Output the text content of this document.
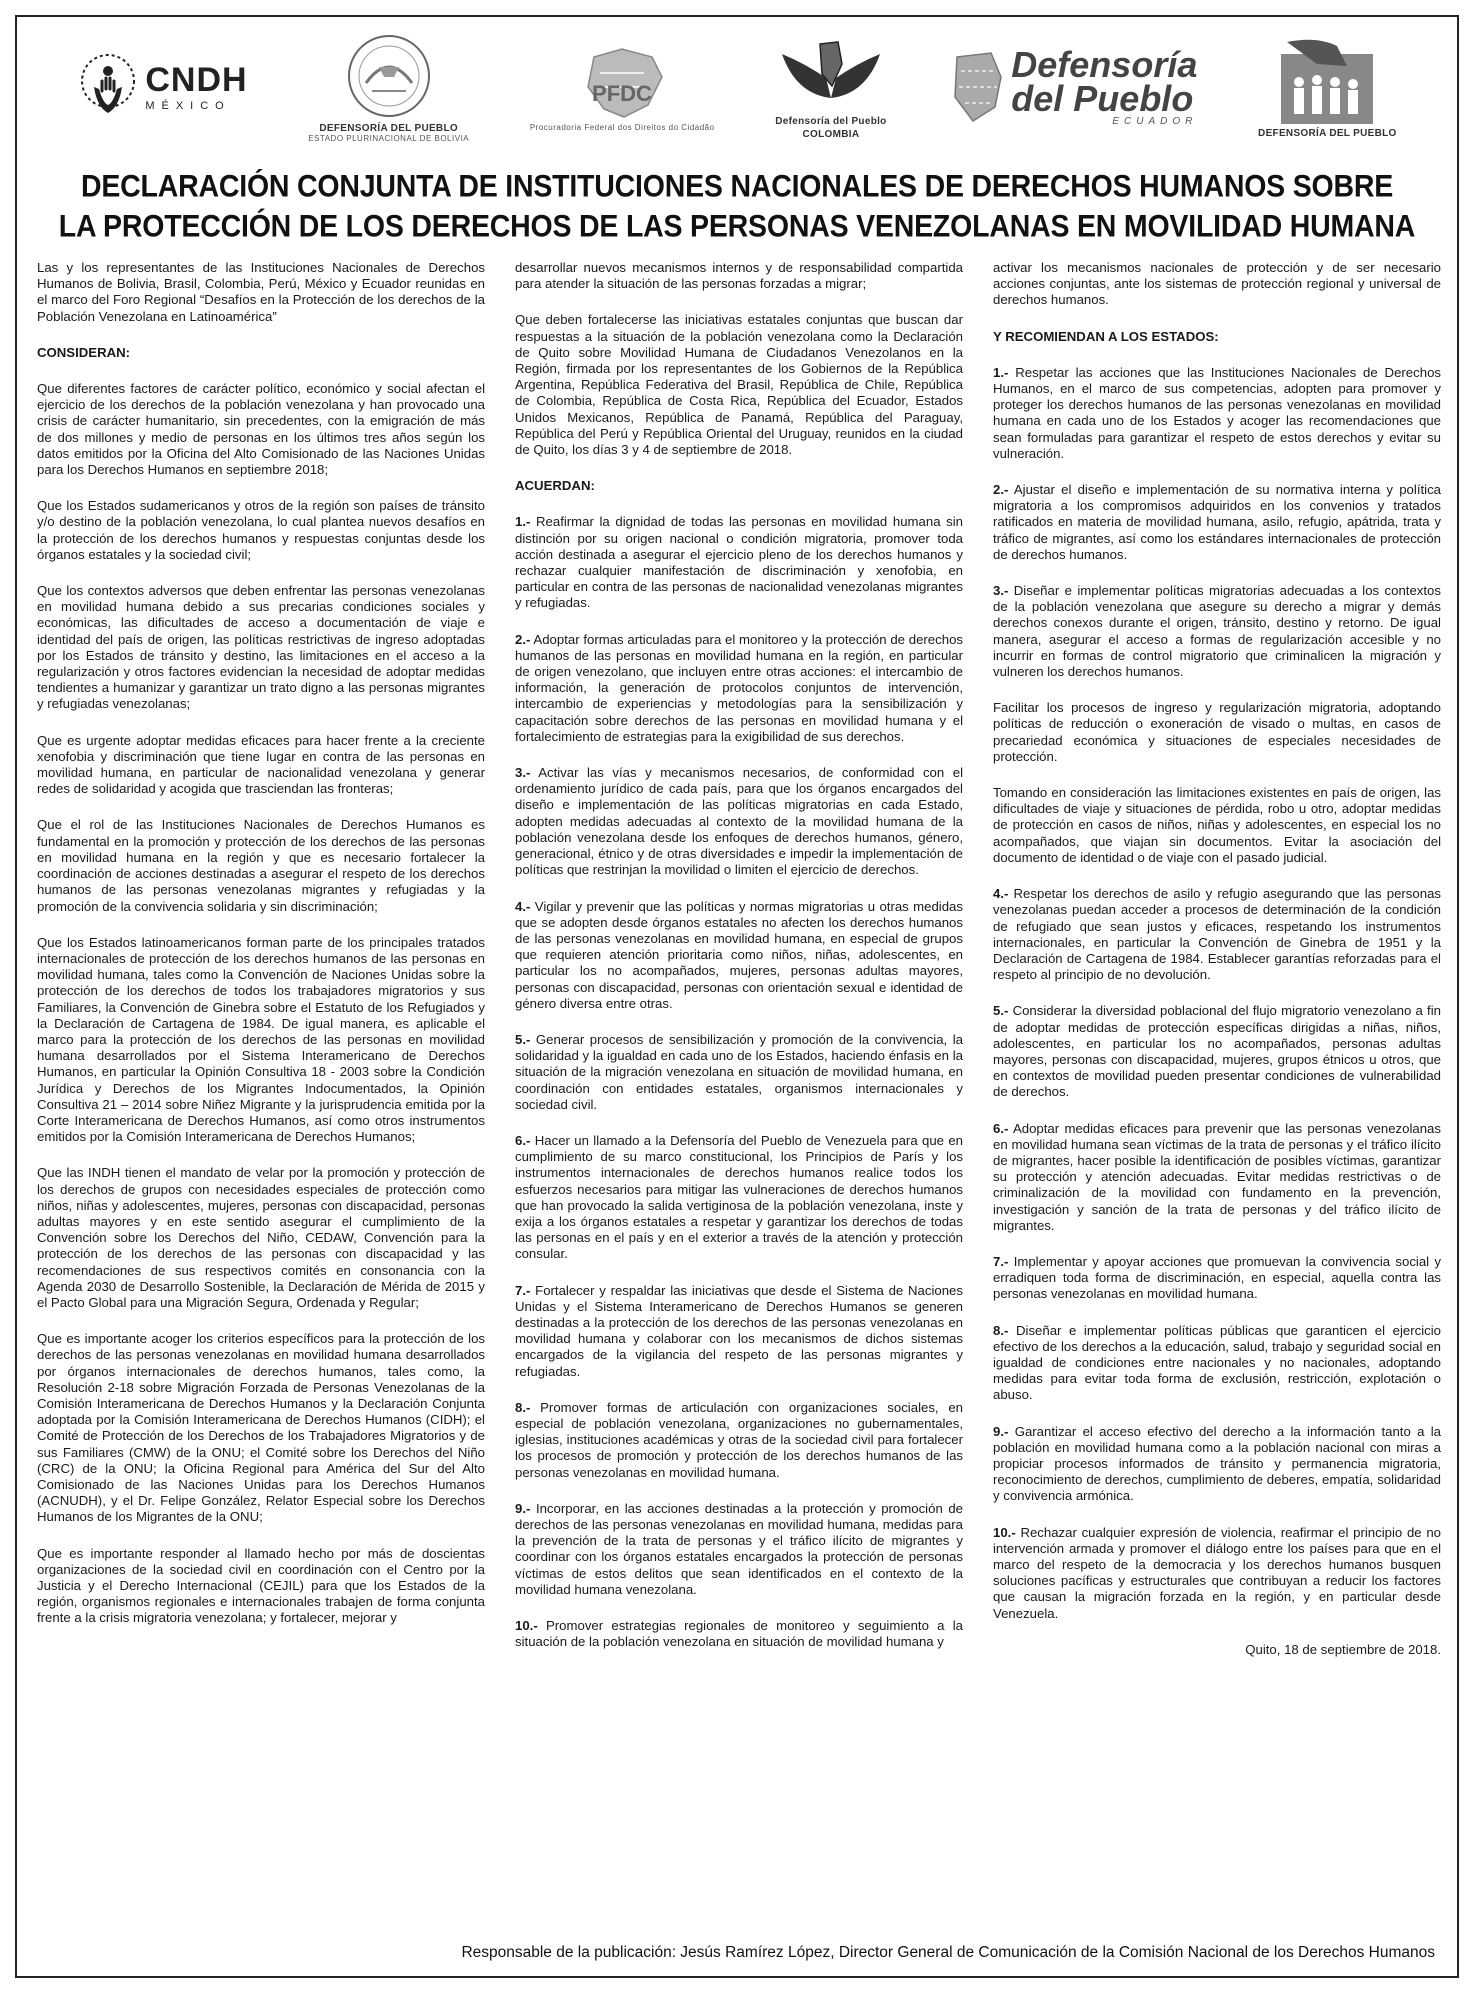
CNDH
MÉXICO
DEFENSORÍA DEL PUEBLO
ESTADO PLURINACIONAL DE BOLIVIA
PFDC
Procuradoria Federal dos Direitos do Cidadão	Defensoría del Pueblo
COLOMBIA
Defensoría
del Pueblo
ECUADOR
DEFENSORÍA DEL PUEBLO
DECLARACIÓN CONJUNTA DE INSTITUCIONES NACIONALES DE DERECHOS HUMANOS SOBRE
LA PROTECCIÓN DE LOS DERECHOS DE LAS PERSONAS VENEZOLANAS EN MOVILIDAD HUMANA

Las y los representantes de las Instituciones Nacionales de Derechos Humanos de Bolivia, Brasil, Colombia, Perú, México y Ecuador reunidas en el marco del Foro Regional “Desafíos en la Protección de los derechos de la Población Venezolana en Latinoamérica”

CONSIDERAN:

Que diferentes factores de carácter político, económico y social afectan el ejercicio de los derechos de la población venezolana y han provocado una crisis de carácter humanitario, sin precedentes, con la emigración de más de dos millones y medio de personas en los últimos tres años según los datos emitidos por la Oficina del Alto Comisionado de las Naciones Unidas para los Derechos Humanos en septiembre 2018;

Que los Estados sudamericanos y otros de la región son países de tránsito y/o destino de la población venezolana, lo cual plantea nuevos desafíos en la protección de los derechos humanos y respuestas conjuntas desde los órganos estatales y la sociedad civil;

Que los contextos adversos que deben enfrentar las personas venezolanas en movilidad humana debido a sus precarias condiciones sociales y económicas, las dificultades de acceso a documentación de viaje e identidad del país de origen, las políticas restrictivas de ingreso adoptadas por los Estados de tránsito y destino, las limitaciones en el acceso a la regularización y otros factores evidencian la necesidad de adoptar medidas tendientes a humanizar y garantizar un trato digno a las personas migrantes y refugiadas venezolanas;

Que es urgente adoptar medidas eficaces para hacer frente a la creciente xenofobia y discriminación que tiene lugar en contra de las personas en movilidad humana, en particular de nacionalidad venezolana y generar redes de solidaridad y acogida que trasciendan las fronteras;

Que el rol de las Instituciones Nacionales de Derechos Humanos es fundamental en la promoción y protección de los derechos de las personas en movilidad humana en la región y que es necesario fortalecer la coordinación de acciones destinadas a asegurar el respeto de los derechos humanos de las personas venezolanas migrantes y refugiadas y la promoción de la convivencia solidaria y sin discriminación;

Que los Estados latinoamericanos forman parte de los principales tratados internacionales de protección de los derechos humanos de las personas en movilidad humana, tales como la Convención de Naciones Unidas sobre la protección de los derechos de todos los trabajadores migratorios y sus Familiares, la Convención de Ginebra sobre el Estatuto de los Refugiados y la Declaración de Cartagena de 1984. De igual manera, es aplicable el marco para la protección de los derechos de las personas en movilidad humana desarrollados por el Sistema Interamericano de Derechos Humanos, en particular la Opinión Consultiva 18 - 2003 sobre la Condición Jurídica y Derechos de los Migrantes Indocumentados, la Opinión Consultiva 21 – 2014 sobre Niñez Migrante y la jurisprudencia emitida por la Corte Interamericana de Derechos Humanos, así como otros instrumentos emitidos por la Comisión Interamericana de Derechos Humanos;

Que las INDH tienen el mandato de velar por la promoción y protección de los derechos de grupos con necesidades especiales de protección como niños, niñas y adolescentes, mujeres, personas con discapacidad, personas adultas mayores y en este sentido asegurar el cumplimiento de la Convención sobre los Derechos del Niño, CEDAW, Convención para la protección de los derechos de las personas con discapacidad y las recomendaciones de sus respectivos comités en consonancia con la Agenda 2030 de Desarrollo Sostenible, la Declaración de Mérida de 2015 y el Pacto Global para una Migración Segura, Ordenada y Regular;

Que es importante acoger los criterios específicos para la protección de los derechos de las personas venezolanas en movilidad humana desarrollados por órganos internacionales de derechos humanos, tales como, la Resolución 2-18 sobre Migración Forzada de Personas Venezolanas de la Comisión Interamericana de Derechos Humanos y la Declaración Conjunta adoptada por la Comisión Interamericana de Derechos Humanos (CIDH); el Comité de Protección de los Derechos de los Trabajadores Migratorios y de sus Familiares (CMW) de la ONU; el Comité sobre los Derechos del Niño (CRC) de la ONU; la Oficina Regional para América del Sur del Alto Comisionado de las Naciones Unidas para los Derechos Humanos (ACNUDH), y el Dr. Felipe González, Relator Especial sobre los Derechos Humanos de los Migrantes de la ONU;

Que es importante responder al llamado hecho por más de doscientas organizaciones de la sociedad civil en coordinación con el Centro por la Justicia y el Derecho Internacional (CEJIL) para que los Estados de la región, organismos regionales e internacionales trabajen de forma conjunta frente a la crisis migratoria venezolana; y fortalecer, mejorar y

desarrollar nuevos mecanismos internos y de responsabilidad compartida para atender la situación de las personas forzadas a migrar;

Que deben fortalecerse las iniciativas estatales conjuntas que buscan dar respuestas a la situación de la población venezolana como la Declaración de Quito sobre Movilidad Humana de Ciudadanos Venezolanos en la Región, firmada por los representantes de los Gobiernos de la República Argentina, República Federativa del Brasil, República de Chile, República de Colombia, República de Costa Rica, República del Ecuador, Estados Unidos Mexicanos, República de Panamá, República del Paraguay, República del Perú y República Oriental del Uruguay, reunidos en la ciudad de Quito, los días 3 y 4 de septiembre de 2018.

ACUERDAN:

1.- Reafirmar la dignidad de todas las personas en movilidad humana sin distinción por su origen nacional o condición migratoria, promover toda acción destinada a asegurar el ejercicio pleno de los derechos humanos y rechazar cualquier manifestación de discriminación y xenofobia, en particular en contra de las personas de nacionalidad venezolanas migrantes y refugiadas.

2.- Adoptar formas articuladas para el monitoreo y la protección de derechos humanos de las personas en movilidad humana en la región, en particular de origen venezolano, que incluyen entre otras acciones: el intercambio de información, la generación de protocolos conjuntos de intervención, intercambio de experiencias y metodologías para la sensibilización y capacitación sobre derechos de las personas en movilidad humana y el fortalecimiento de estrategias para la exigibilidad de sus derechos.

3.- Activar las vías y mecanismos necesarios, de conformidad con el ordenamiento jurídico de cada país, para que los órganos encargados del diseño e implementación de las políticas migratorias en cada Estado, adopten medidas adecuadas al contexto de la movilidad humana de la población venezolana desde los enfoques de derechos humanos, género, generacional, étnico y de otras diversidades e impedir la implementación de políticas que restrinjan la movilidad o limiten el ejercicio de derechos.

4.- Vigilar y prevenir que las políticas y normas migratorias u otras medidas que se adopten desde órganos estatales no afecten los derechos humanos de las personas venezolanas en movilidad humana, en especial de grupos que requieren atención prioritaria como niños, niñas, adolescentes, en particular los no acompañados, mujeres, personas adultas mayores, personas con discapacidad, personas con orientación sexual e identidad de género diversa entre otras.

5.- Generar procesos de sensibilización y promoción de la convivencia, la solidaridad y la igualdad en cada uno de los Estados, haciendo énfasis en la situación de la migración venezolana en situación de movilidad humana, en coordinación con entidades estatales, organismos internacionales y sociedad civil.

6.- Hacer un llamado a la Defensoría del Pueblo de Venezuela para que en cumplimiento de su marco constitucional, los Principios de París y los instrumentos internacionales de derechos humanos realice todos los esfuerzos necesarios para mitigar las vulneraciones de derechos humanos que han provocado la salida vertiginosa de la población venezolana, inste y exija a los órganos estatales a respetar y garantizar los derechos de todas las personas en el país y en el exterior a través de la atención y protección consular.

7.- Fortalecer y respaldar las iniciativas que desde el Sistema de Naciones Unidas y el Sistema Interamericano de Derechos Humanos se generen destinadas a la protección de los derechos de las personas venezolanas en movilidad humana y colaborar con los mecanismos de dichos sistemas encargados de la vigilancia del respeto de las personas migrantes y refugiadas.

8.- Promover formas de articulación con organizaciones sociales, en especial de población venezolana, organizaciones no gubernamentales, iglesias, instituciones académicas y otras de la sociedad civil para fortalecer los procesos de promoción y protección de los derechos humanos de las personas venezolanas en movilidad humana.

9.- Incorporar, en las acciones destinadas a la protección y promoción de derechos de las personas venezolanas en movilidad humana, medidas para la prevención de la trata de personas y el tráfico ilícito de migrantes y coordinar con los órganos estatales encargados la protección de personas víctimas de estos delitos que sean identificados en el contexto de la movilidad humana venezolana.

10.- Promover estrategias regionales de monitoreo y seguimiento a la situación de la población venezolana en situación de movilidad humana y

activar los mecanismos nacionales de protección y de ser necesario acciones conjuntas, ante los sistemas de protección regional y universal de derechos humanos.

Y RECOMIENDAN A LOS ESTADOS:

1.- Respetar las acciones que las Instituciones Nacionales de Derechos Humanos, en el marco de sus competencias, adopten para promover y proteger los derechos humanos de las personas venezolanas en movilidad humana en cada uno de los Estados y acoger las recomendaciones que sean formuladas para garantizar el respeto de estos derechos y evitar su vulneración.

2.- Ajustar el diseño e implementación de su normativa interna y política migratoria a los compromisos adquiridos en los convenios y tratados ratificados en materia de movilidad humana, asilo, refugio, apátrida, trata y tráfico de migrantes, así como los estándares internacionales de protección de derechos humanos.

3.- Diseñar e implementar políticas migratorias adecuadas a los contextos de la población venezolana que asegure su derecho a migrar y demás derechos conexos durante el origen, tránsito, destino y retorno. De igual manera, asegurar el acceso a formas de regularización accesible y no incurrir en formas de control migratorio que criminalicen la migración y vulneren los derechos humanos.

Facilitar los procesos de ingreso y regularización migratoria, adoptando políticas de reducción o exoneración de visado o multas, en casos de precariedad económica y situaciones de especiales necesidades de protección.

Tomando en consideración las limitaciones existentes en país de origen, las dificultades de viaje y situaciones de pérdida, robo u otro, adoptar medidas de protección en casos de niños, niñas y adolescentes, en especial los no acompañados, que viajan sin documentos. Evitar la asociación del documento de identidad o de viaje con el pasado judicial.

4.- Respetar los derechos de asilo y refugio asegurando que las personas venezolanas puedan acceder a procesos de determinación de la condición de refugiado que sean justos y eficaces, respetando los instrumentos internacionales, en particular la Convención de Ginebra de 1951 y la Declaración de Cartagena de 1984. Establecer garantías reforzadas para el respeto al principio de no devolución.

5.- Considerar la diversidad poblacional del flujo migratorio venezolano a fin de adoptar medidas de protección específicas dirigidas a niñas, niños, adolescentes, en particular los no acompañados, personas adultas mayores, personas con discapacidad, mujeres, grupos étnicos u otros, que en contextos de movilidad pueden presentar condiciones de vulnerabilidad de derechos.

6.- Adoptar medidas eficaces para prevenir que las personas venezolanas en movilidad humana sean víctimas de la trata de personas y el tráfico ilícito de migrantes, hacer posible la identificación de posibles víctimas, garantizar su protección y atención adecuadas. Evitar medidas restrictivas o de criminalización de la movilidad con fundamento en la prevención, investigación y sanción de la trata de personas y del tráfico ilícito de migrantes.

7.- Implementar y apoyar acciones que promuevan la convivencia social y erradiquen toda forma de discriminación, en especial, aquella contra las personas venezolanas en movilidad humana.

8.- Diseñar e implementar políticas públicas que garanticen el ejercicio efectivo de los derechos a la educación, salud, trabajo y seguridad social en igualdad de condiciones entre nacionales y no nacionales, adoptando medidas para evitar toda forma de exclusión, restricción, explotación o abuso.

9.- Garantizar el acceso efectivo del derecho a la información tanto a la población en movilidad humana como a la población nacional con miras a propiciar procesos informados de tránsito y permanencia migratoria, reconocimiento de derechos, cumplimiento de deberes, empatía, solidaridad y convivencia armónica.

10.- Rechazar cualquier expresión de violencia, reafirmar el principio de no intervención armada y promover el diálogo entre los países para que en el marco del respeto de la democracia y los derechos humanos busquen soluciones pacíficas y estructurales que contribuyan a reducir los factores que causan la migración forzada en la región, y en particular desde Venezuela.

Quito, 18 de septiembre de 2018.
Responsable de la publicación: Jesús Ramírez López, Director General de Comunicación de la Comisión Nacional de los Derechos Humanos
